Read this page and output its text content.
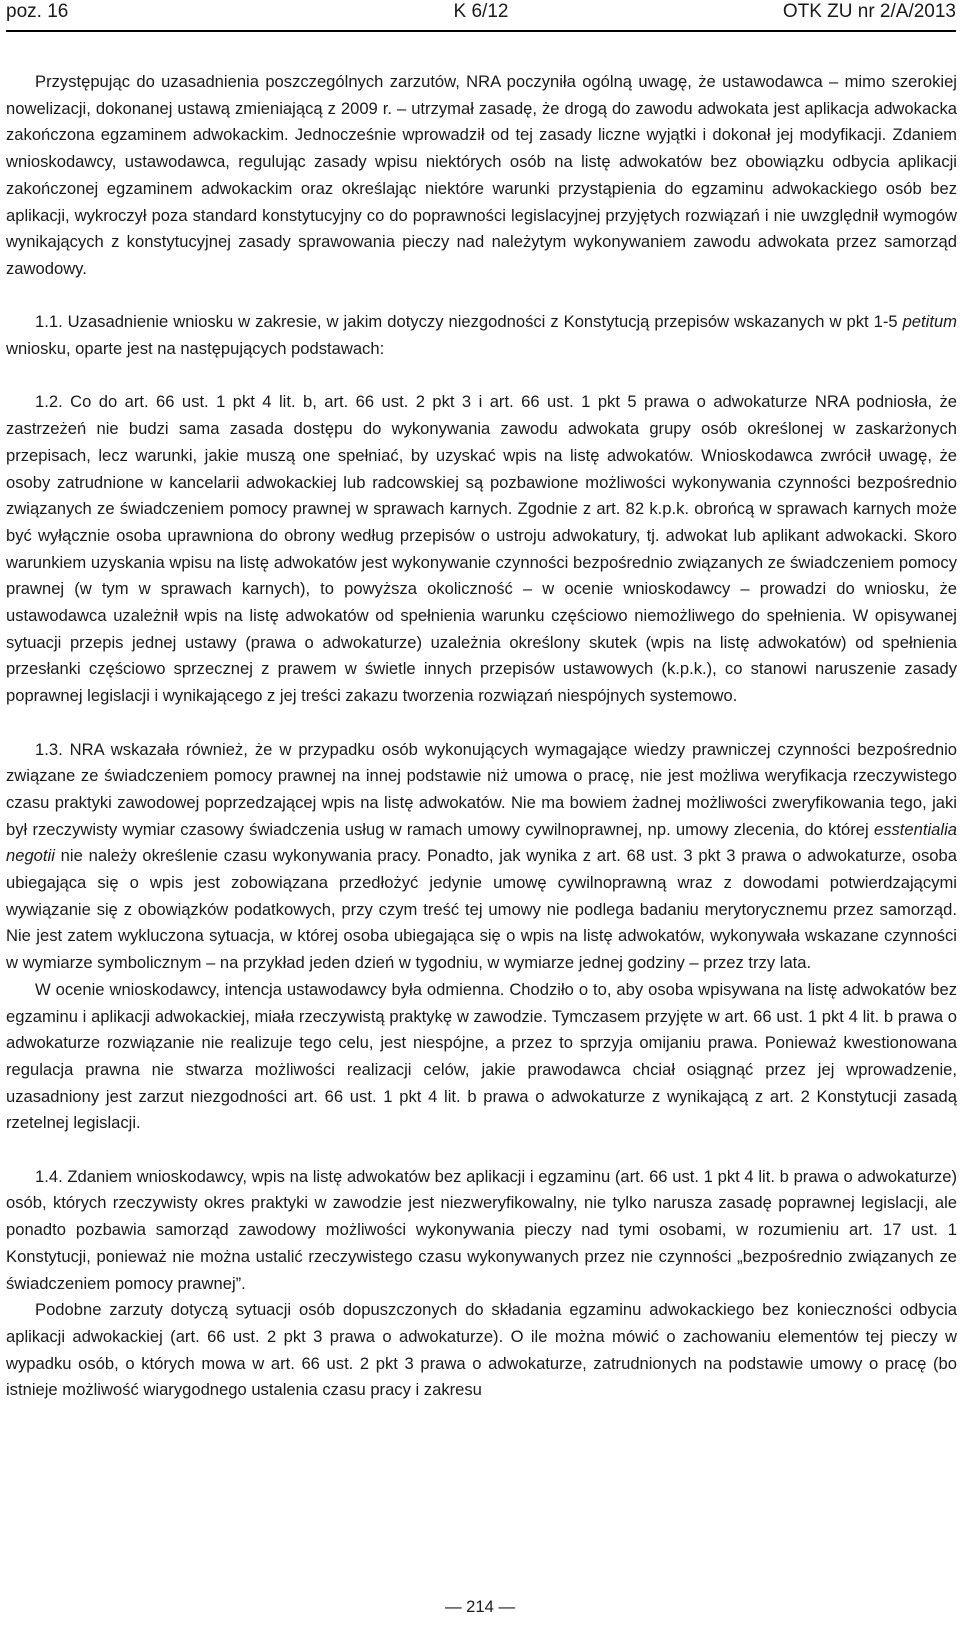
poz. 16	K 6/12	OTK ZU nr 2/A/2013

Przystępując do uzasadnienia poszczególnych zarzutów, NRA poczyniła ogólną uwagę, że ustawodawca – mimo szerokiej nowelizacji, dokonanej ustawą zmieniającą z 2009 r. – utrzymał zasadę, że drogą do zawodu adwokata jest aplikacja adwokacka zakończona egzaminem adwokackim. Jednocześnie wprowadził od tej zasady liczne wyjątki i dokonał jej modyfikacji. Zdaniem wnioskodawcy, ustawodawca, regulując zasady wpisu niektórych osób na listę adwokatów bez obowiązku odbycia aplikacji zakończonej egzaminem adwokackim oraz określając niektóre warunki przystąpienia do egzaminu adwokackiego osób bez aplikacji, wykroczył poza standard konstytucyjny co do poprawności legislacyjnej przyjętych rozwiązań i nie uwzględnił wymogów wynikających z konstytucyjnej zasady sprawowania pieczy nad należytym wykonywaniem zawodu adwokata przez samorząd zawodowy.

1.1. Uzasadnienie wniosku w zakresie, w jakim dotyczy niezgodności z Konstytucją przepisów wskazanych w pkt 1-5 petitum wniosku, oparte jest na następujących podstawach:

1.2. Co do art. 66 ust. 1 pkt 4 lit. b, art. 66 ust. 2 pkt 3 i art. 66 ust. 1 pkt 5 prawa o adwokaturze NRA podniosła, że zastrzeżeń nie budzi sama zasada dostępu do wykonywania zawodu adwokata grupy osób określonej w zaskarżonych przepisach, lecz warunki, jakie muszą one spełniać, by uzyskać wpis na listę adwokatów. Wnioskodawca zwrócił uwagę, że osoby zatrudnione w kancelarii adwokackiej lub radcowskiej są pozbawione możliwości wykonywania czynności bezpośrednio związanych ze świadczeniem pomocy prawnej w sprawach karnych. Zgodnie z art. 82 k.p.k. obrońcą w sprawach karnych może być wyłącznie osoba uprawniona do obrony według przepisów o ustroju adwokatury, tj. adwokat lub aplikant adwokacki. Skoro warunkiem uzyskania wpisu na listę adwokatów jest wykonywanie czynności bezpośrednio związanych ze świadczeniem pomocy prawnej (w tym w sprawach karnych), to powyższa okoliczność – w ocenie wnioskodawcy – prowadzi do wniosku, że ustawodawca uzależnił wpis na listę adwokatów od spełnienia warunku częściowo niemożliwego do spełnienia. W opisywanej sytuacji przepis jednej ustawy (prawa o adwokaturze) uzależnia określony skutek (wpis na listę adwokatów) od spełnienia przesłanki częściowo sprzecznej z prawem w świetle innych przepisów ustawowych (k.p.k.), co stanowi naruszenie zasady poprawnej legislacji i wynikającego z jej treści zakazu tworzenia rozwiązań niespójnych systemowo.

1.3. NRA wskazała również, że w przypadku osób wykonujących wymagające wiedzy prawniczej czynności bezpośrednio związane ze świadczeniem pomocy prawnej na innej podstawie niż umowa o pracę, nie jest możliwa weryfikacja rzeczywistego czasu praktyki zawodowej poprzedzającej wpis na listę adwokatów. Nie ma bowiem żadnej możliwości zweryfikowania tego, jaki był rzeczywisty wymiar czasowy świadczenia usług w ramach umowy cywilnoprawnej, np. umowy zlecenia, do której esstentialia negotii nie należy określenie czasu wykonywania pracy. Ponadto, jak wynika z art. 68 ust. 3 pkt 3 prawa o adwokaturze, osoba ubiegająca się o wpis jest zobowiązana przedłożyć jedynie umowę cywilnoprawną wraz z dowodami potwierdzającymi wywiązanie się z obowiązków podatkowych, przy czym treść tej umowy nie podlega badaniu merytorycznemu przez samorząd. Nie jest zatem wykluczona sytuacja, w której osoba ubiegająca się o wpis na listę adwokatów, wykonywała wskazane czynności w wymiarze symbolicznym – na przykład jeden dzień w tygodniu, w wymiarze jednej godziny – przez trzy lata.

W ocenie wnioskodawcy, intencja ustawodawcy była odmienna. Chodziło o to, aby osoba wpisywana na listę adwokatów bez egzaminu i aplikacji adwokackiej, miała rzeczywistą praktykę w zawodzie. Tymczasem przyjęte w art. 66 ust. 1 pkt 4 lit. b prawa o adwokaturze rozwiązanie nie realizuje tego celu, jest niespójne, a przez to sprzyja omijaniu prawa. Ponieważ kwestionowana regulacja prawna nie stwarza możliwości realizacji celów, jakie prawodawca chciał osiągnąć przez jej wprowadzenie, uzasadniony jest zarzut niezgodności art. 66 ust. 1 pkt 4 lit. b prawa o adwokaturze z wynikającą z art. 2 Konstytucji zasadą rzetelnej legislacji.

1.4. Zdaniem wnioskodawcy, wpis na listę adwokatów bez aplikacji i egzaminu (art. 66 ust. 1 pkt 4 lit. b prawa o adwokaturze) osób, których rzeczywisty okres praktyki w zawodzie jest niezweryfikowalny, nie tylko narusza zasadę poprawnej legislacji, ale ponadto pozbawia samorząd zawodowy możliwości wykonywania pieczy nad tymi osobami, w rozumieniu art. 17 ust. 1 Konstytucji, ponieważ nie można ustalić rzeczywistego czasu wykonywanych przez nie czynności „bezpośrednio związanych ze świadczeniem pomocy prawnej”.

Podobne zarzuty dotyczą sytuacji osób dopuszczonych do składania egzaminu adwokackiego bez konieczności odbycia aplikacji adwokackiej (art. 66 ust. 2 pkt 3 prawa o adwokaturze). O ile można mówić o zachowaniu elementów tej pieczy w wypadku osób, o których mowa w art. 66 ust. 2 pkt 3 prawa o adwokaturze, zatrudnionych na podstawie umowy o pracę (bo istnieje możliwość wiarygodnego ustalenia czasu pracy i zakresu

— 214 —
